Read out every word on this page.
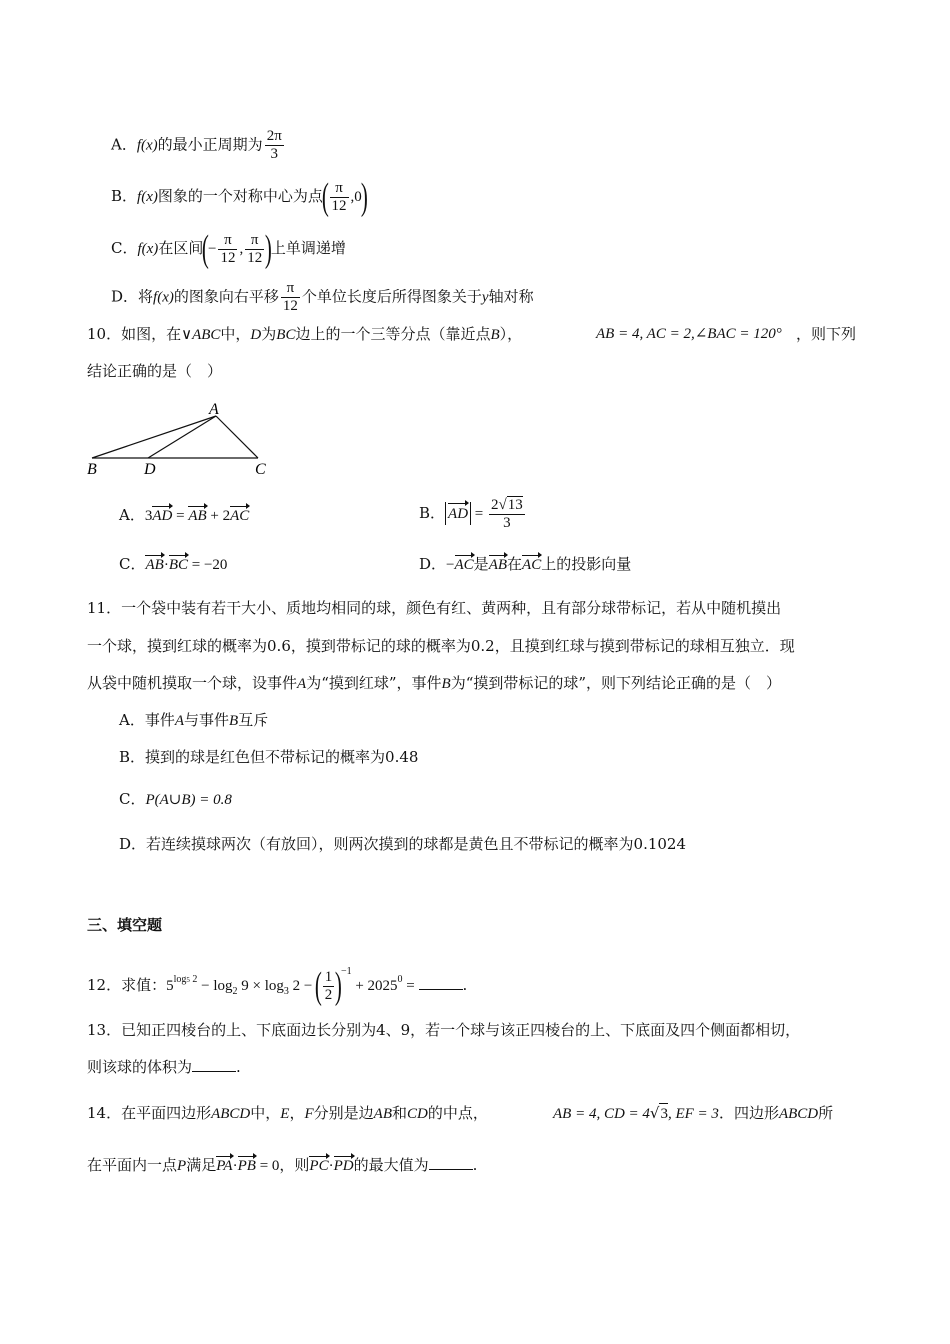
A．f(x)的最小正周期为 $\frac{2\pi}{3}$
B．f(x)图象的一个对称中心为点( $\frac{\pi}{12} ,0$)
C．f(x)在区间(− $\frac{\pi}{12}$ , $\frac{\pi}{12}$ )上单调递增
D．将f(x)的图象向右平移 $\frac{\pi}{12}$ 个单位长度后所得图象关于y轴对称
10．如图，在∨ABC中，D为BC边上的一个三等分点（靠近点B），	AB = 4, AC = 2,∠BAC = 120° ，则下列
结论正确的是（　）
A
B	D	C
A．3AD = AB + 2AC	B． AD = $\frac{2√13}{3}$
C．AB·BC = −20	D．−AC是AB在AC上的投影向量
11．一个袋中装有若干大小、质地均相同的球，颜色有红、黄两种，且有部分球带标记，若从中随机摸出
一个球，摸到红球的概率为0.6，摸到带标记的球的概率为0.2，且摸到红球与摸到带标记的球相互独立．现
从袋中随机摸取一个球，设事件A为“摸到红球”，事件B为“摸到带标记的球”，则下列结论正确的是（　）
A．事件A与事件B互斥
B．摸到的球是红色但不带标记的概率为0.48
C．P(A∪B) = 0.8
D．若连续摸球两次（有放回），则两次摸到的球都是黄色且不带标记的概率为0.1024
三、填空题
12．求值：$5^{log5 2} - \log_2 9 \times \log_3 2$ − ( $\frac{1}{2} )^{-1} + 2025^0$ =	.
13．已知正四棱台的上、下底面边长分别为4、9，若一个球与该正四棱台的上、下底面及四个侧面都相切，
则该球的体积为	.
14．在平面四边形ABCD中，E，F分别是边AB和CD的中点，	AB = 4, CD = 4√3, EF = 3．四边形ABCD所
在平面内一点P满足PA·PB = 0，则PC·PD的最大值为	.
